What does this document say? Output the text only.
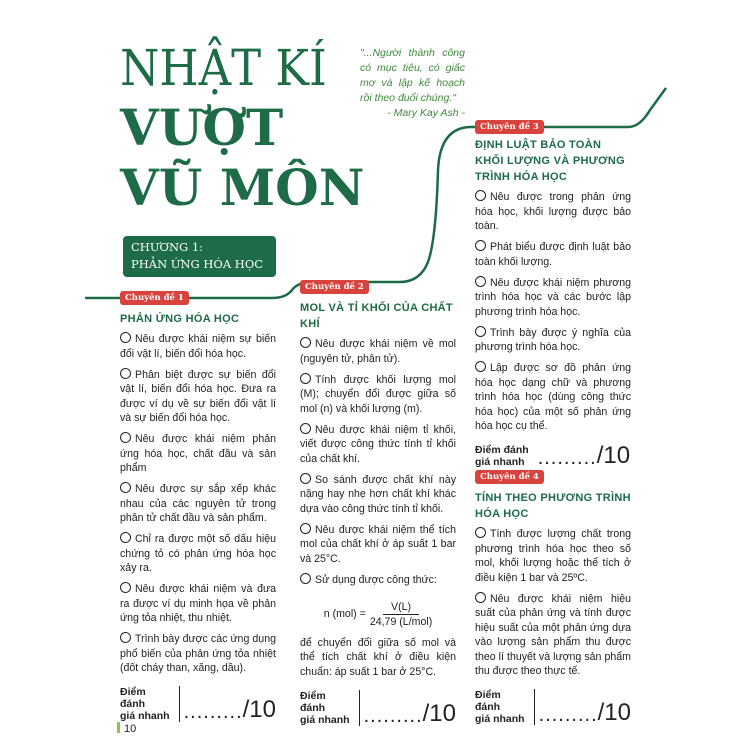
NHẬT KÍ
VƯỢT
VŨ MÔN
"...Người thành công có mục tiêu, có giấc mơ và lập kế hoạch rồi theo đuổi chúng."
- Mary Kay Ash -
CHƯƠNG 1:
PHẢN ỨNG HÓA HỌC
Chuyên đề 1
PHẢN ỨNG HÓA HỌC
Nêu được khái niệm sự biến đổi vật lí, biến đổi hóa học.
Phân biệt được sự biến đổi vật lí, biến đổi hóa học. Đưa ra được ví dụ về sự biến đổi vật lí và sự biến đổi hóa học.
Nêu được khái niệm phản ứng hóa học, chất đầu và sản phẩm
Nêu được sự sắp xếp khác nhau của các nguyên tử trong phân tử chất đầu và sản phẩm.
Chỉ ra được một số dấu hiệu chứng tỏ có phản ứng hóa học xảy ra.
Nêu được khái niệm và đưa ra được ví dụ minh họa về phản ứng tỏa nhiệt, thu nhiệt.
Trình bày được các ứng dụng phổ biến của phản ứng tỏa nhiệt (đốt cháy than, xăng, dầu).
Điểm đánh
giá nhanh ......... /10
Chuyên đề 2
MOL VÀ TỈ KHỐI CỦA CHẤT KHÍ
Nêu được khái niệm về mol (nguyên tử, phân tử).
Tính được khối lượng mol (M); chuyển đổi được giữa số mol (n) và khối lượng (m).
Nêu được khái niệm tỉ khối, viết được công thức tính tỉ khối của chất khí.
So sánh được chất khí này nặng hay nhẹ hơn chất khí khác dựa vào công thức tính tỉ khối.
Nêu được khái niệm thể tích mol của chất khí ở áp suất 1 bar và 25°C.
Sử dụng được công thức:
n $(mol) = \frac{V(L)}{\text{24,79 (L/mol)}}$
để chuyển đổi giữa số mol và thể tích chất khí ở điều kiện chuẩn: áp suất 1 bar ở 25°C.
Điểm đánh
giá nhanh ......... /10
Chuyên đề 3
ĐỊNH LUẬT BẢO TOÀN KHỐI LƯỢNG VÀ PHƯƠNG TRÌNH HÓA HỌC
Nêu được trong phản ứng hóa học, khối lượng được bảo toàn.
Phát biểu được định luật bảo toàn khối lượng.
Nêu được khái niệm phương trình hóa học và các bước lập phương trình hóa học.
Trình bày được ý nghĩa của phương trình hóa học.
Lập được sơ đồ phản ứng hóa học dạng chữ và phương trình hóa học (dùng công thức hóa học) của một số phản ứng hóa học cụ thể.
Điểm đánh
giá nhanh ......... /10
Chuyên đề 4
TÍNH THEO PHƯƠNG TRÌNH HÓA HỌC
Tính được lượng chất trong phương trình hóa học theo số mol, khối lượng hoặc thể tích ở điều kiện 1 bar và 25ºC.
Nêu được khái niệm hiệu suất của phản ứng và tính được hiệu suất của một phản ứng dựa vào lượng sản phẩm thu được theo lí thuyết và lượng sản phẩm thu được theo thực tế.
Điểm đánh
giá nhanh ......... /10
10
